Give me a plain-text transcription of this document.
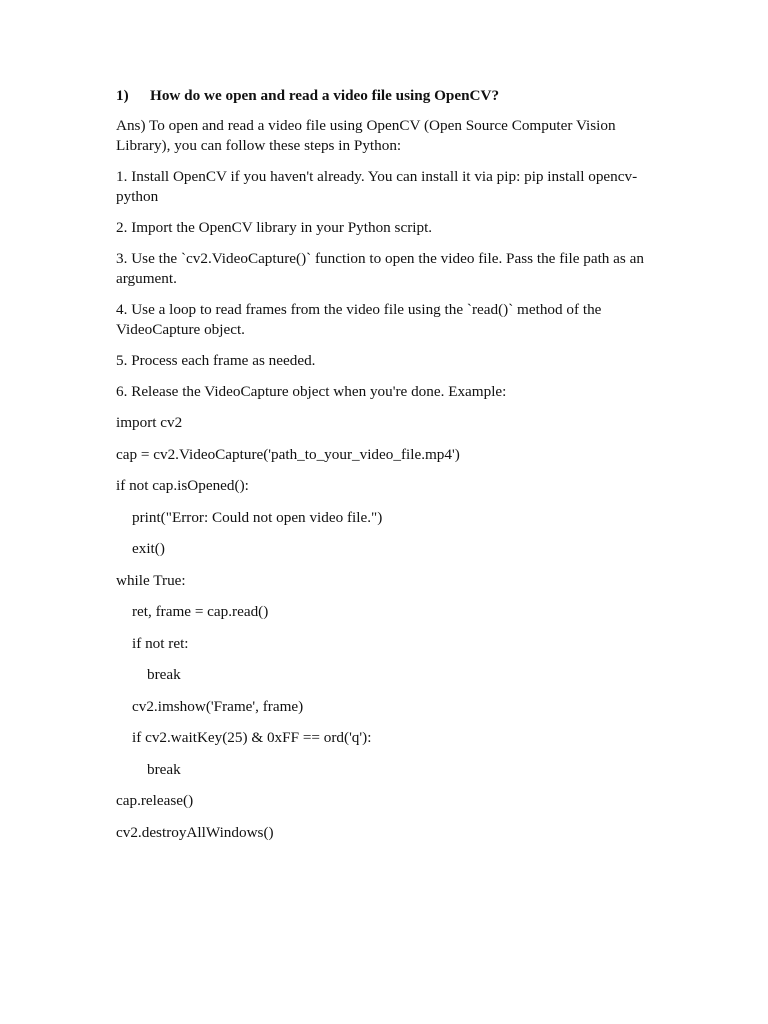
1)	How do we open and read a video file using OpenCV?

Ans) To open and read a video file using OpenCV (Open Source Computer Vision Library), you can follow these steps in Python:

1. Install OpenCV if you haven't already. You can install it via pip: pip install opencv-python

2. Import the OpenCV library in your Python script.

3. Use the `cv2.VideoCapture()` function to open the video file. Pass the file path as an argument.

4. Use a loop to read frames from the video file using the `read()` method of the VideoCapture object.

5. Process each frame as needed.

6. Release the VideoCapture object when you're done. Example:

import cv2

cap = cv2.VideoCapture('path_to_your_video_file.mp4')

if not cap.isOpened():

print("Error: Could not open video file.")

exit()

while True:

ret, frame = cap.read()

if not ret:

break

cv2.imshow('Frame', frame)

if cv2.waitKey(25) & 0xFF == ord('q'):

break

cap.release()

cv2.destroyAllWindows()
